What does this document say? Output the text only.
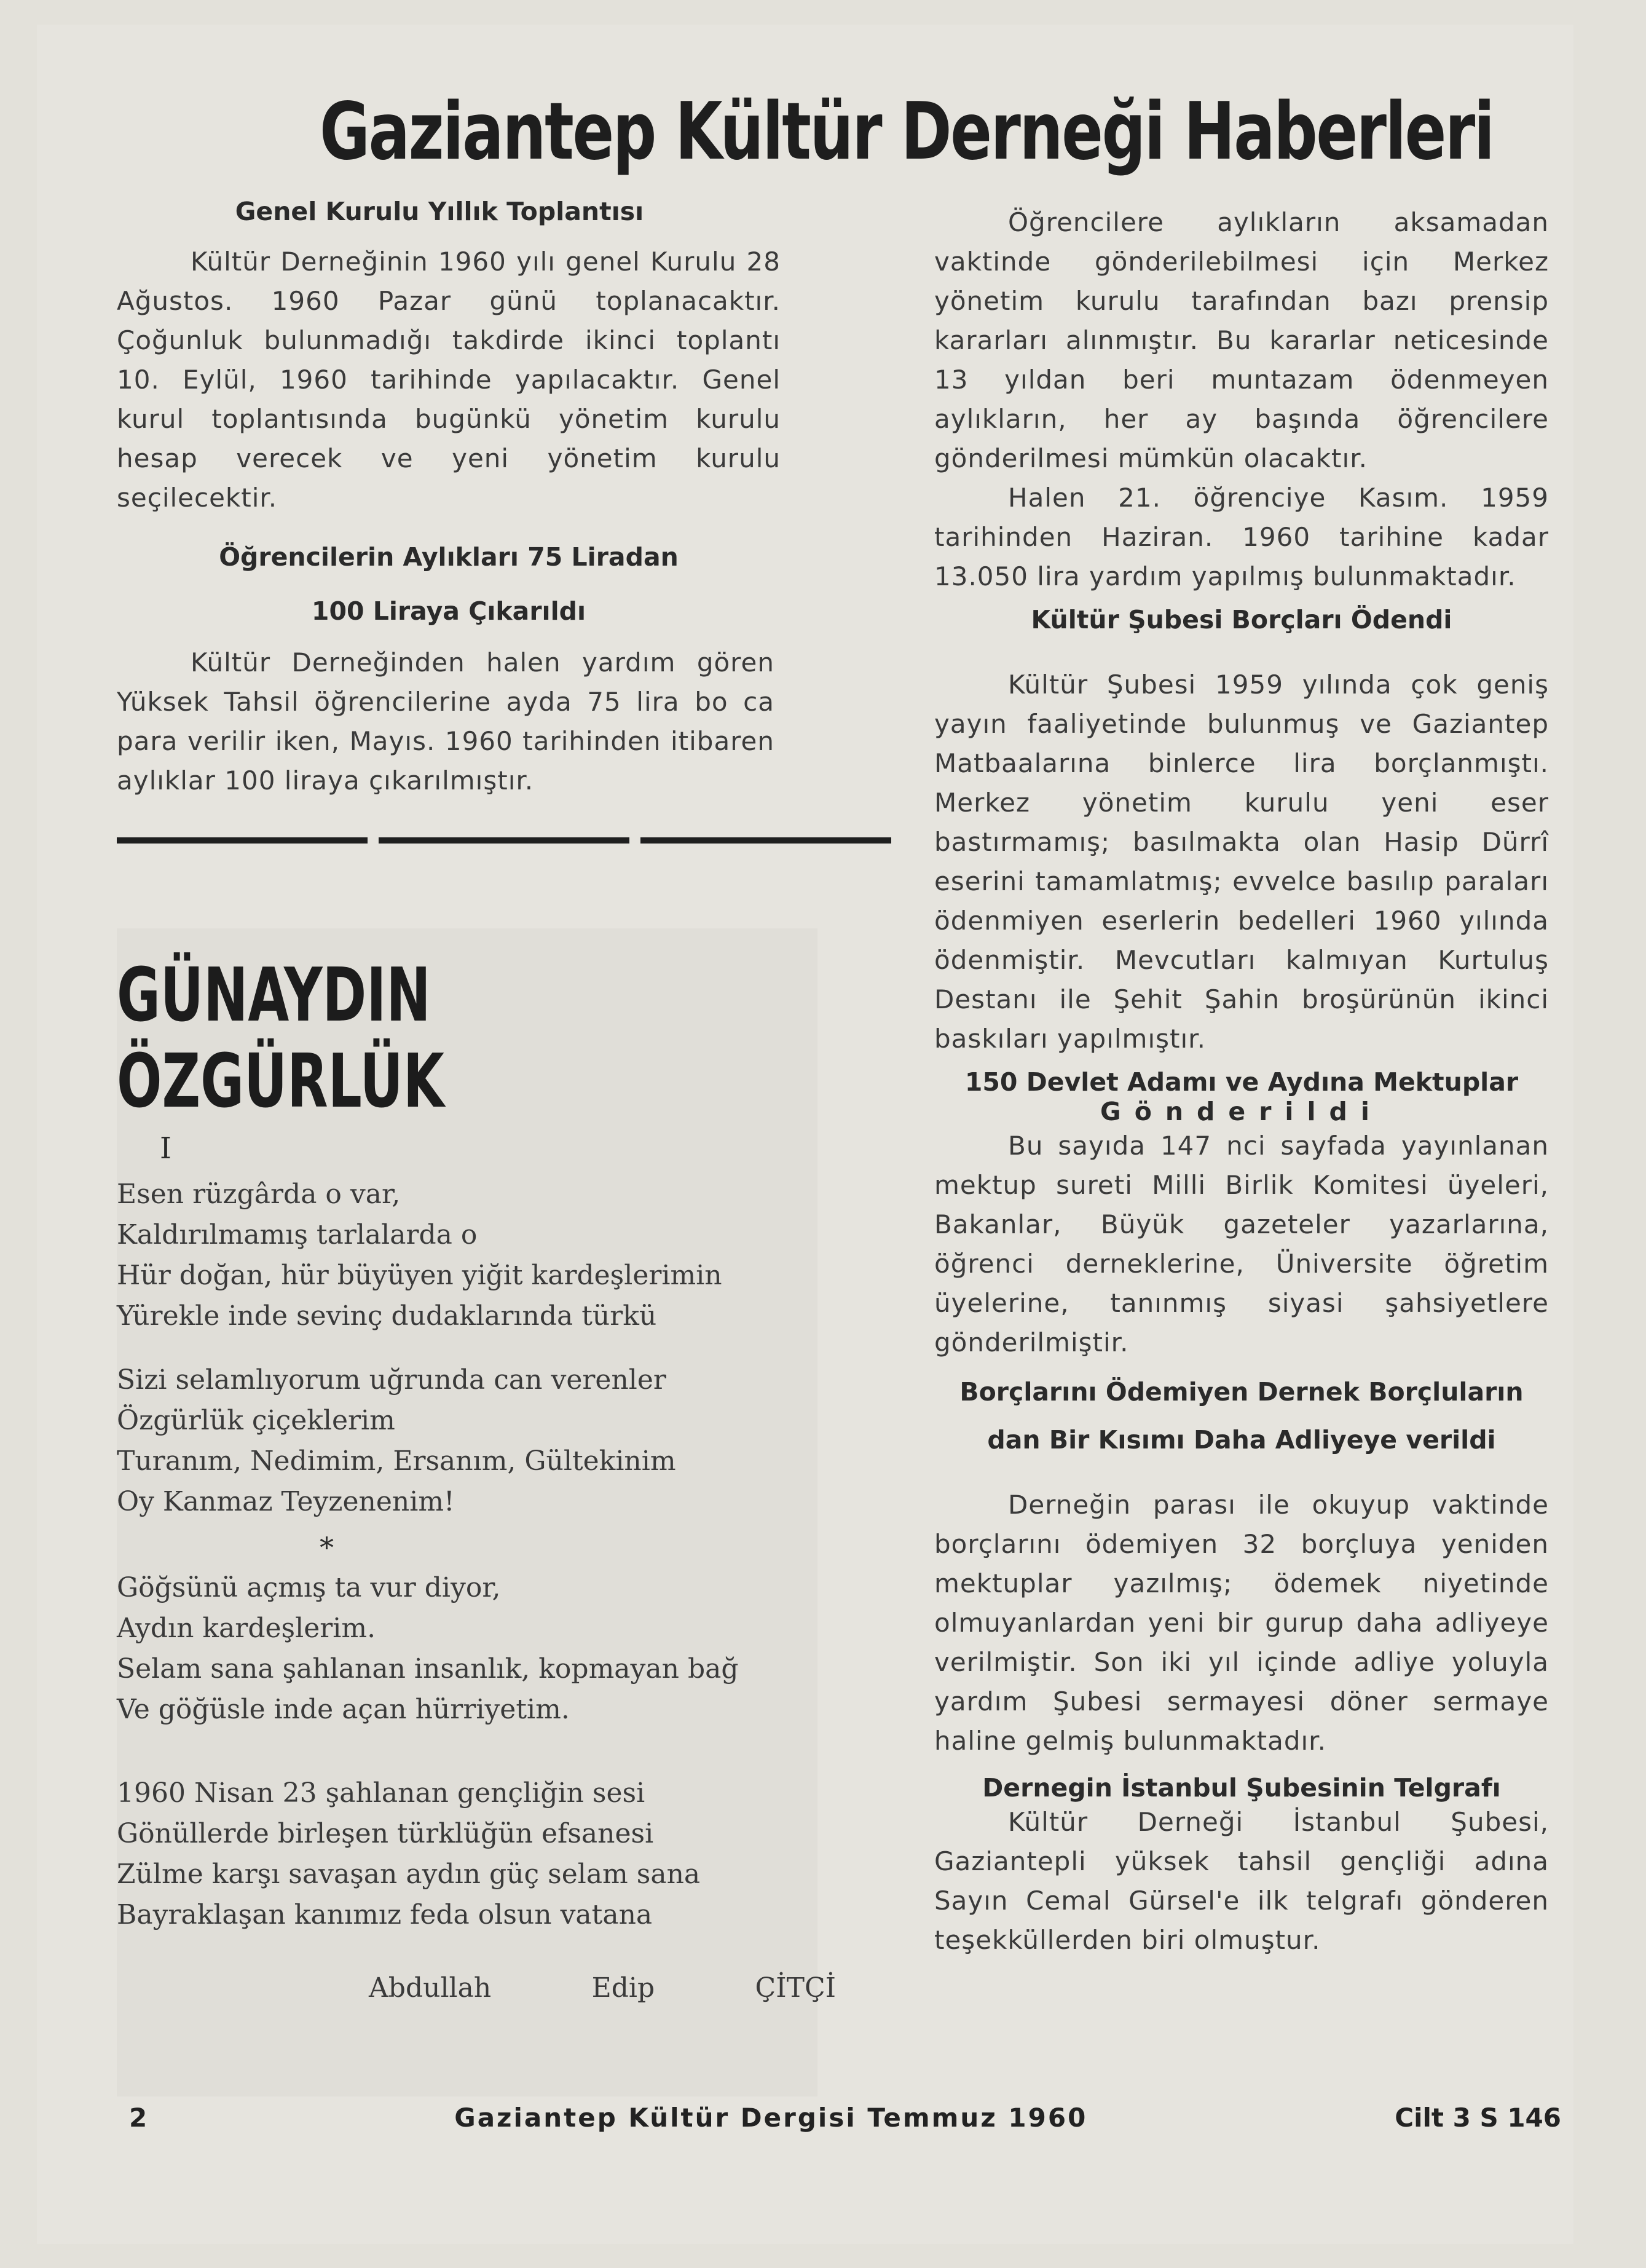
Gaziantep Kültür Derneği Haberleri

Genel Kurulu Yıllık Toplantısı

Kültür Derneğinin 1960 yılı genel Kurulu 28 Ağustos. 1960 Pazar günü toplanacaktır. Çoğunluk bulunmadığı takdirde ikinci toplantı 10. Eylül, 1960 tarihinde yapılacaktır. Genel kurul toplantısında bugünkü yönetim kurulu hesap verecek ve yeni yönetim kurulu seçilecektir.

Öğrencilerin Aylıkları 75 Liradan

100 Liraya Çıkarıldı

Kültür Derneğinden halen yardım gören Yüksek Tahsil öğrencilerine ayda 75 lira bo ca para verilir iken, Mayıs. 1960 tarihinden itibaren aylıklar 100 liraya çıkarılmıştır.

GÜNAYDIN

ÖZGÜRLÜK

I

Esen rüzgârda o var,

Kaldırılmamış tarlalarda o

Hür doğan, hür büyüyen yiğit kardeşlerimin

Yürekle inde sevinç dudaklarında türkü

Sizi selamlıyorum uğrunda can verenler

Özgürlük çiçeklerim

Turanım, Nedimim, Ersanım, Gültekinim

Oy Kanmaz Teyzenenim!

*

Göğsünü açmış ta vur diyor,

Aydın kardeşlerim.

Selam sana şahlanan insanlık, kopmayan bağ

Ve göğüsle inde açan hürriyetim.

1960 Nisan 23 şahlanan gençliğin sesi

Gönüllerde birleşen türklüğün efsanesi

Zülme karşı savaşan aydın güç selam sana

Bayraklaşan kanımız feda olsun vatana

Abdullah	Edip	ÇİTÇİ

Öğrencilere aylıkların aksamadan vaktinde gönderilebilmesi için Merkez yönetim kurulu tarafından bazı prensip kararları alınmıştır. Bu kararlar neticesinde 13 yıldan beri muntazam ödenmeyen aylıkların, her ay başında öğrencilere gönderilmesi mümkün olacaktır.

Halen 21. öğrenciye Kasım. 1959 tarihinden Haziran. 1960 tarihine kadar 13.050 lira yardım yapılmış bulunmaktadır.

Kültür Şubesi Borçları Ödendi

Kültür Şubesi 1959 yılında çok geniş yayın faaliyetinde bulunmuş ve Gaziantep Matbaalarına binlerce lira borçlanmıştı. Merkez yönetim kurulu yeni eser bastırmamış; basılmakta olan Hasip Dürrî eserini tamamlatmış; evvelce basılıp paraları ödenmiyen eserlerin bedelleri 1960 yılında ödenmiştir. Mevcutları kalmıyan Kurtuluş Destanı ile Şehit Şahin broşürünün ikinci baskıları yapılmıştır.

150 Devlet Adamı ve Aydına Mektuplar

Gönderildi

Bu sayıda 147 nci sayfada yayınlanan mektup sureti Milli Birlik Komitesi üyeleri, Bakanlar, Büyük gazeteler yazarlarına, öğrenci derneklerine, Üniversite öğretim üyelerine, tanınmış siyasi şahsiyetlere gönderilmiştir.

Borçlarını Ödemiyen Dernek Borçluların

dan Bir Kısımı Daha Adliyeye verildi

Derneğin parası ile okuyup vaktinde borçlarını ödemiyen 32 borçluya yeniden mektuplar yazılmış; ödemek niyetinde olmuyanlardan yeni bir gurup daha adliyeye verilmiştir. Son iki yıl içinde adliye yoluyla yardım Şubesi sermayesi döner sermaye haline gelmiş bulunmaktadır.

Dernegin İstanbul Şubesinin Telgrafı

Kültür Derneği İstanbul Şubesi, Gaziantepli yüksek tahsil gençliği adına Sayın Cemal Gürsel'e ilk telgrafı gönderen teşekküllerden biri olmuştur.

2	Gaziantep Kültür Dergisi Temmuz 1960	Cilt 3 S 146
